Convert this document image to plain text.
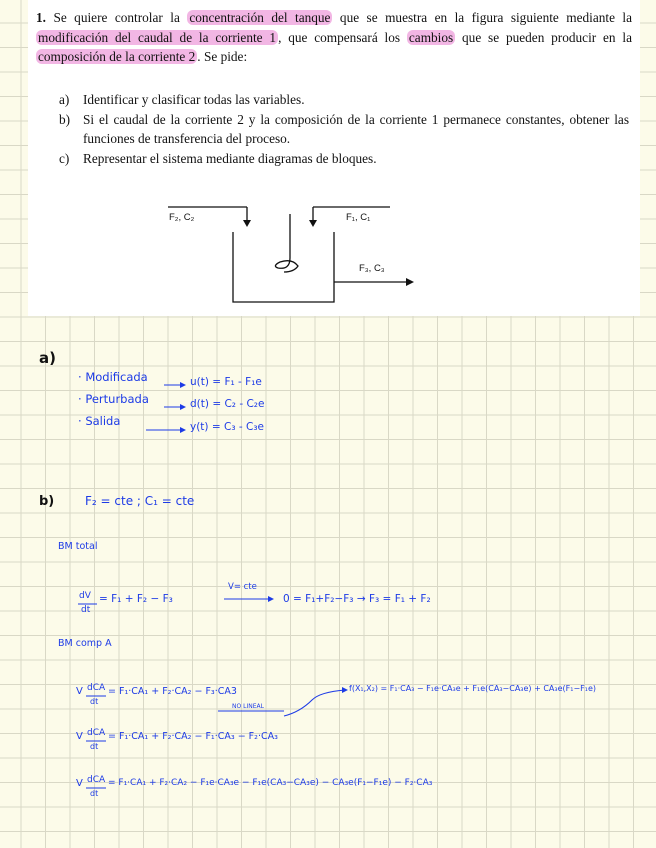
1. Se quiere controlar la concentración del tanque que se muestra en la figura siguiente mediante la modificación del caudal de la corriente 1 , que compensará los cambios que se pueden producir en la composición de la corriente 2 . Se pide:
a)	Identificar y clasificar todas las variables.
b) Si el caudal de la corriente 2 y la composición de la corriente 1 permanece constantes, obtener las funciones de transferencia del proceso.
c)	Representar el sistema mediante diagramas de bloques.
F₂, C₂	F₁, C₁
F₃, C₃
a)
· Modificada
· Perturbada
· Salida
u(t) = F₁ - F₁e
d(t) = C₂ - C₂e
y(t) = C₃ - C₃e
b)	F₂ = cte ; C₁ = cte
BM total
dV
dt
= F₁ + F₂ − F₃
V= cte
0 = F₁+F₂−F₃ → F₃ = F₁ + F₂
BM comp A
V dCA
dt
= F₁·CA₁ + F₂·CA₂ − F₃·CA3	f(X₁,X₂) = F₁·CA₃ − F₁e·CA₃e + F₁e(CA₃−CA₃e) + CA₃e(F₁−F₁e)
NO LINEAL
V dCA
dt
= F₁·CA₁ + F₂·CA₂ − F₁·CA₃ − F₂·CA₃
V dCA
dt
= F₁·CA₁ + F₂·CA₂ − F₁e·CA₃e − F₁e(CA₃−CA₃e) − CA₃e(F₁−F₁e) − F₂·CA₃
